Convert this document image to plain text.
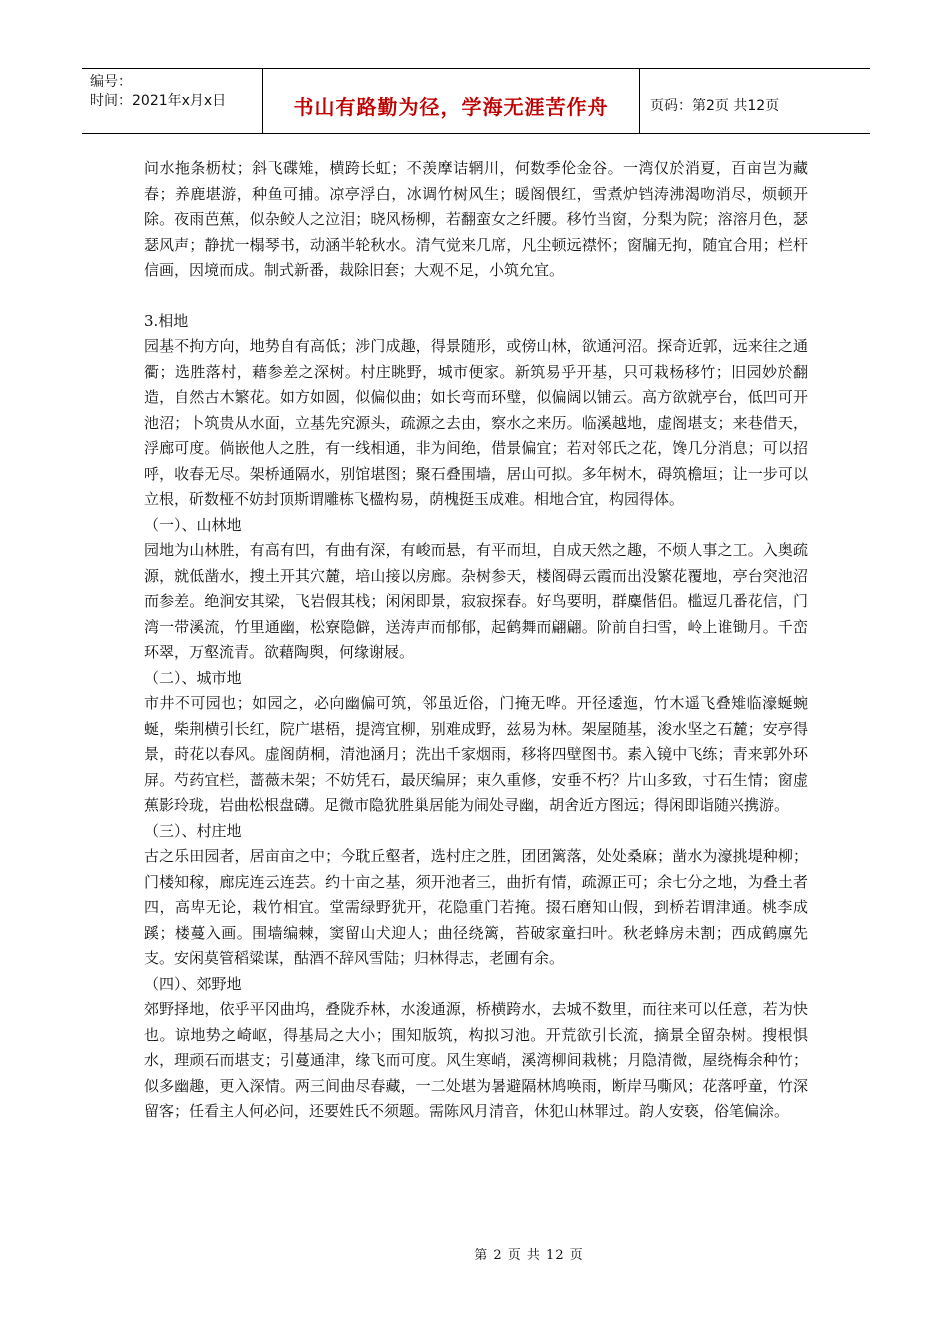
编号：
时间：2021年x月x日	书山有路勤为径，学海无涯苦作舟	页码：第2页 共12页

问水拖条枥杖；斜飞碟雉，横跨长虹；不羡摩诘辋川，何数季伦金谷。一湾仅於消夏，百亩岂为藏春；养鹿堪游，种鱼可捕。凉亭浮白，冰调竹树风生；暖阁偎红，雪煮炉铛涛沸渴吻消尽，烦顿开除。夜雨芭蕉，似杂鲛人之泣泪；晓风杨柳，若翻蛮女之纤腰。移竹当窗，分梨为院；溶溶月色，瑟瑟风声；静扰一榻琴书，动涵半轮秋水。清气觉来几席，凡尘顿远襟怀；窗牖无拘，随宜合用；栏杆信画，因境而成。制式新番，裁除旧套；大观不足，小筑允宜。

3.相地

园基不拘方向，地势自有高低；涉门成趣，得景随形，或傍山林，欲通河沼。探奇近郭，远来往之通衢；选胜落村，藉参差之深树。村庄眺野，城市便家。新筑易乎开基，只可栽杨移竹；旧园妙於翻造，自然古木繁花。如方如圆，似偏似曲；如长弯而环璧，似偏阔以铺云。高方欲就亭台，低凹可开池沼；卜筑贵从水面，立基先究源头，疏源之去由，察水之来历。临溪越地，虚阁堪支；来巷借天，浮廊可度。倘嵌他人之胜，有一线相通，非为间绝，借景偏宜；若对邻氏之花，馋几分消息；可以招呼，收春无尽。架桥通隔水，别馆堪图；聚石叠围墙，居山可拟。多年树木，碍筑檐垣；让一步可以立根，斫数桠不妨封顶斯谓雕栋飞楹构易，荫槐挺玉成难。相地合宜，构园得体。

（一）、山林地

园地为山林胜，有高有凹，有曲有深，有峻而悬，有平而坦，自成天然之趣，不烦人事之工。入奥疏源，就低凿水，搜土开其穴麓，培山接以房廊。杂树参天，楼阁碍云霞而出没繁花覆地，亭台突池沼而参差。绝涧安其梁，飞岩假其栈；闲闲即景，寂寂探春。好鸟要明，群麋偕侣。槛逗几番花信，门湾一带溪流，竹里通幽，松寮隐僻，送涛声而郁郁，起鹤舞而翩翩。阶前自扫雪，岭上谁锄月。千峦环翠，万壑流青。欲藉陶舆，何缘谢屐。

（二）、城市地

市井不可园也；如园之，必向幽偏可筑，邻虽近俗，门掩无哗。开径逶迤，竹木遥飞叠雉临濠蜒蜿蜒，柴荆横引长红，院广堪梧，提湾宜柳，别难成野，兹易为林。架屋随基，浚水坚之石麓；安亭得景，莳花以春风。虚阁荫桐，清池涵月；洗出千家烟雨，移将四壁图书。素入镜中飞练；青来郭外环屏。芍药宜栏，蔷薇未架；不妨凭石，最厌编屏；束久重修，安垂不朽？片山多致，寸石生情；窗虚蕉影玲珑，岩曲松根盘礴。足微市隐犹胜巢居能为闹处寻幽，胡舍近方图远；得闲即诣随兴携游。

（三）、村庄地

古之乐田园者，居亩亩之中；今耽丘壑者，选村庄之胜，团团篱落，处处桑麻；凿水为濠挑堤种柳；门楼知稼，廊庑连云连芸。约十亩之基，须开池者三，曲折有情，疏源正可；余七分之地，为叠土者四，高卑无论，栽竹相宜。堂需绿野犹开，花隐重门若掩。掇石磨知山假，到桥若谓津通。桃李成蹊；楼蔓入画。围墙编棘，窦留山犬迎人；曲径绕篱，苔破家童扫叶。秋老蜂房未割；西成鹤廪先支。安闲莫管稻粱谋，酤酒不辞风雪陆；归林得志，老圃有余。

（四）、郊野地

郊野择地，依乎平冈曲坞，叠陇乔林，水浚通源，桥横跨水，去城不数里，而往来可以任意，若为快也。谅地势之崎岖，得基局之大小；围知版筑，构拟习池。开荒欲引长流，摘景全留杂树。搜根惧水，理顽石而堪支；引蔓通津，缘飞而可度。风生寒峭，溪湾柳间栽桃；月隐清微，屋绕梅余种竹；似多幽趣，更入深情。两三间曲尽春藏，一二处堪为暑避隔林鸠唤雨，断岸马嘶风；花落呼童，竹深留客；任看主人何必问，还要姓氏不须题。需陈风月清音，休犯山林罪过。韵人安亵，俗笔偏涂。

第 2 页 共 12 页
